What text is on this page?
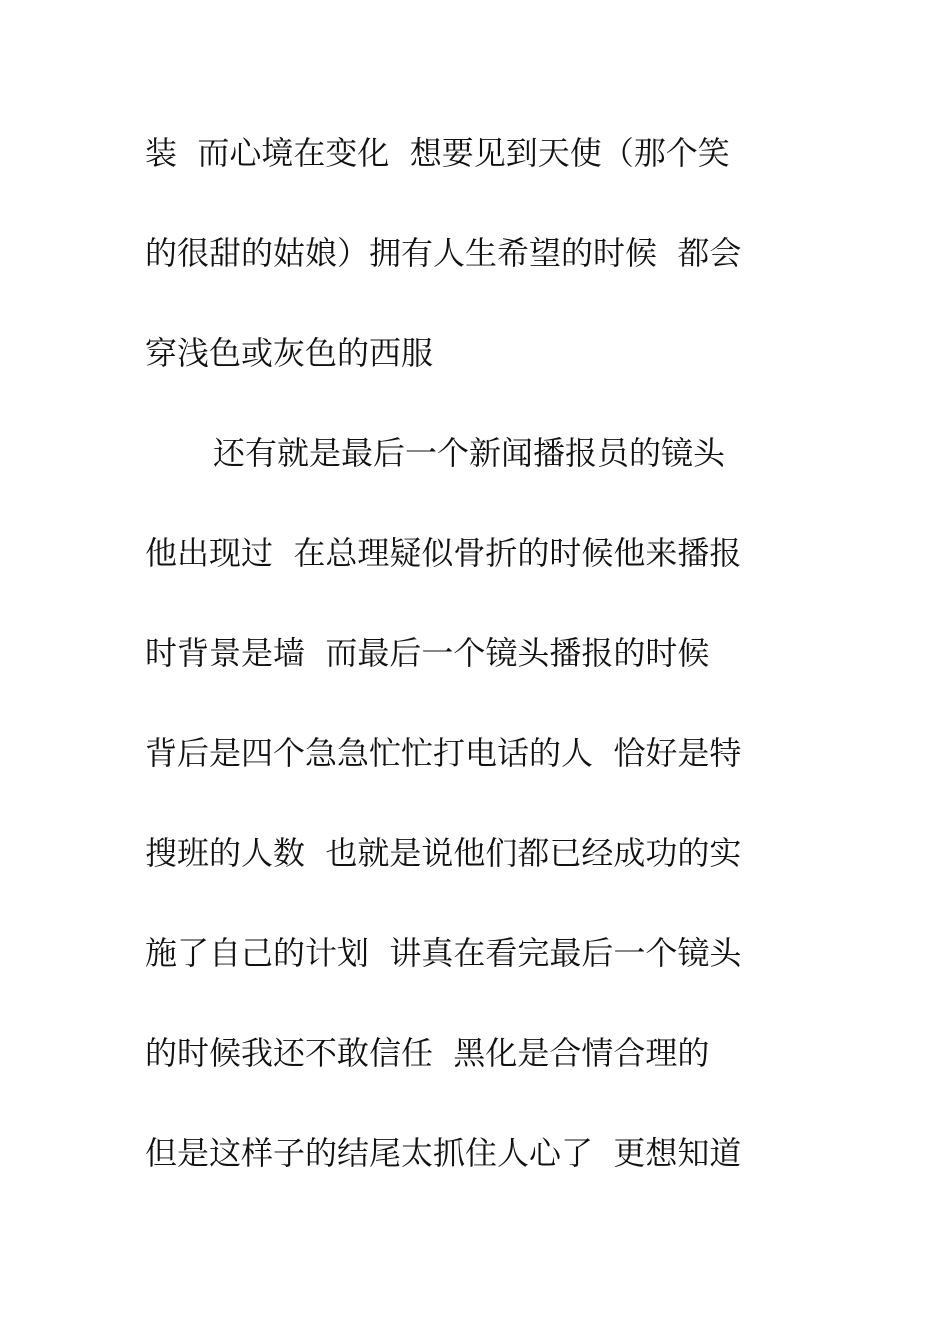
装  而心境在变化  想要见到天使（那个笑
的很甜的姑娘）拥有人生希望的时候  都会
穿浅色或灰色的西服
还有就是最后一个新闻播报员的镜头
他出现过  在总理疑似骨折的时候他来播报
时背景是墙  而最后一个镜头播报的时候
背后是四个急急忙忙打电话的人  恰好是特
搜班的人数  也就是说他们都已经成功的实
施了自己的计划  讲真在看完最后一个镜头
的时候我还不敢信任  黑化是合情合理的
但是这样子的结尾太抓住人心了  更想知道
